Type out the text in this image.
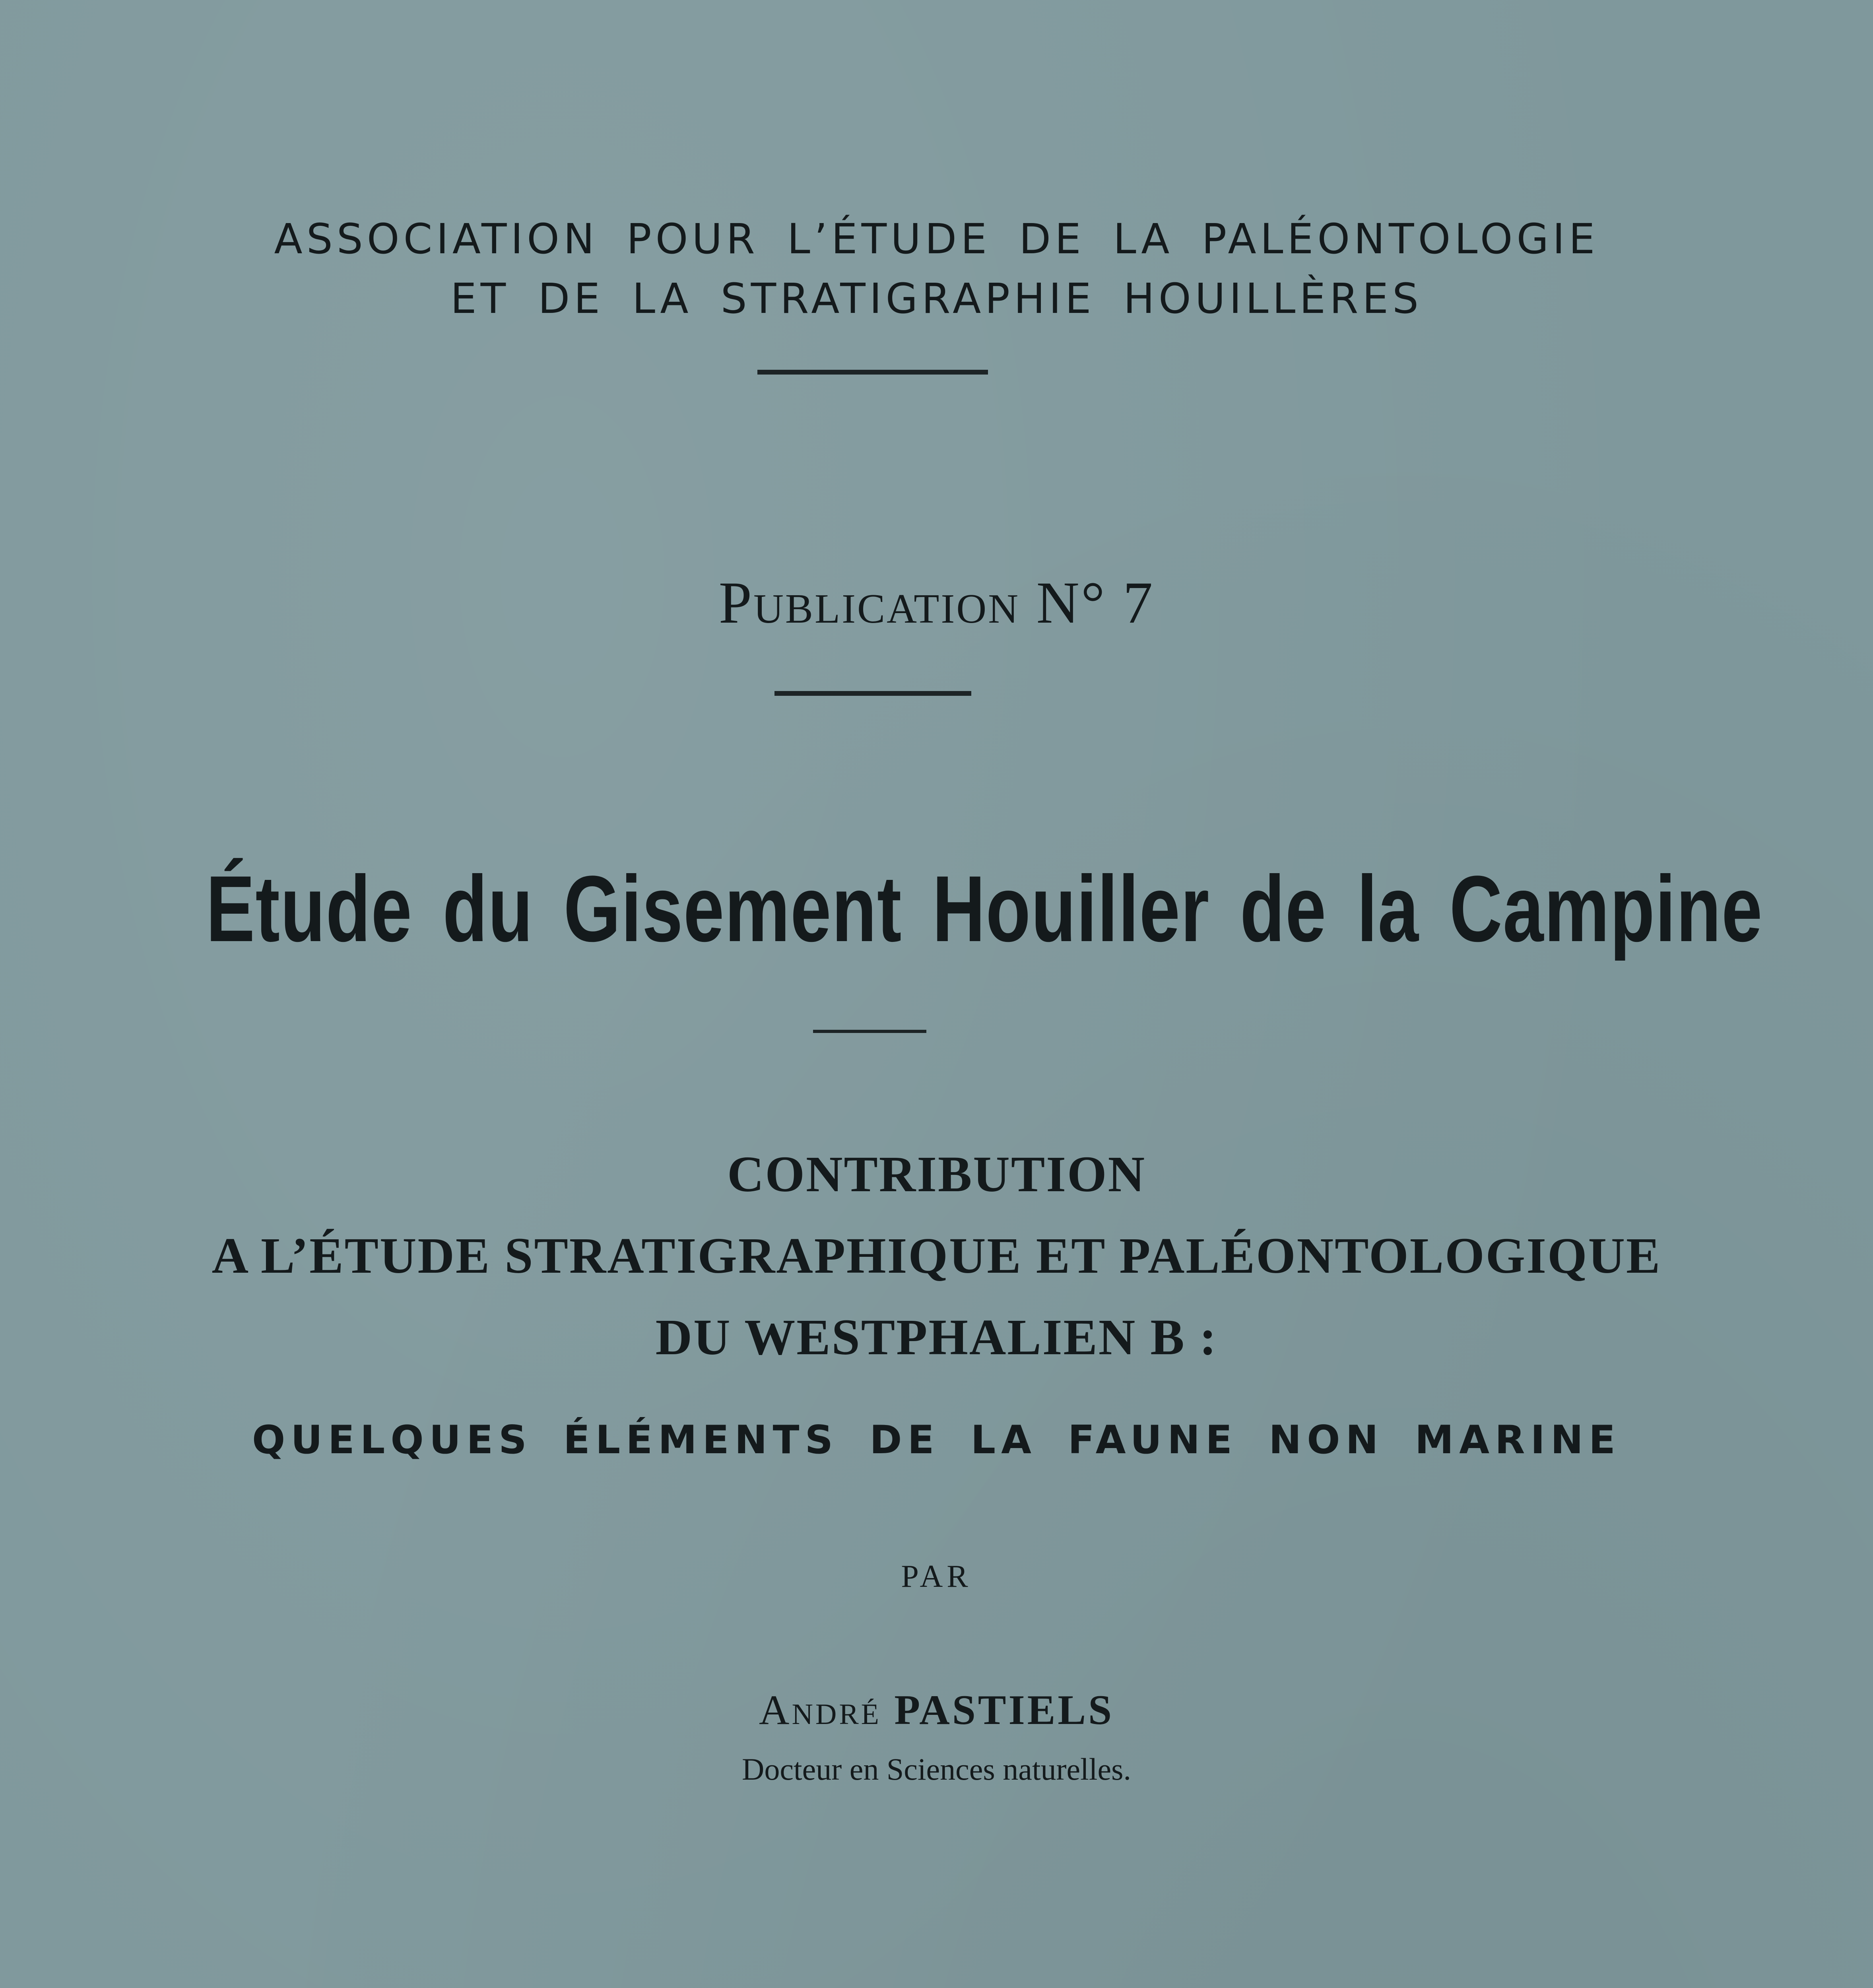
ASSOCIATION POUR L’ÉTUDE DE LA PALÉONTOLOGIE
ET DE LA STRATIGRAPHIE HOUILLÈRES
Publication N° 7
Étude du Gisement Houiller de la Campine
CONTRIBUTION
A L’ÉTUDE STRATIGRAPHIQUE ET PALÉONTOLOGIQUE
DU WESTPHALIEN B :
QUELQUES ÉLÉMENTS DE LA FAUNE NON MARINE
PAR
André PASTIELS
Docteur en Sciences naturelles.
